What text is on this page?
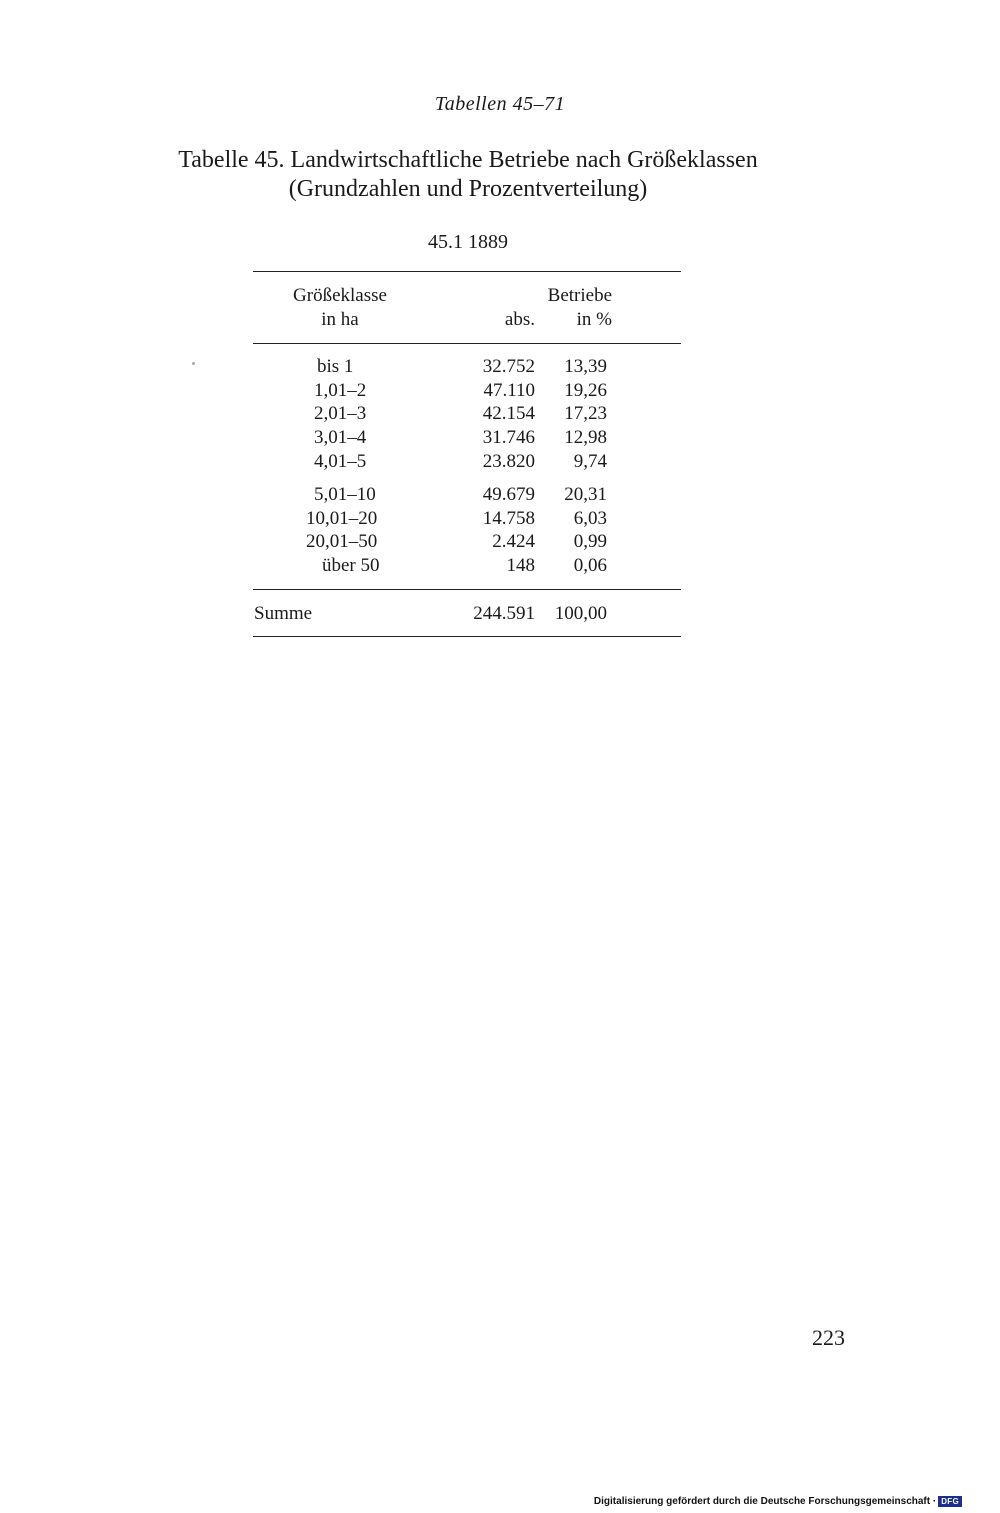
Tabellen 45–71
Tabelle 45. Landwirtschaftliche Betriebe nach Größeklassen
(Grundzahlen und Prozentverteilung)
45.1 1889
Größeklasse
in ha
Betriebe
abs.	in %
bis 1	32.752	13,39
1,01–2	47.110	19,26
2,01–3	42.154	17,23
3,01–4	31.746	12,98
4,01–5	23.820	9,74
5,01–10	49.679	20,31
10,01–20	14.758	6,03
20,01–50	2.424	0,99
über 50	148	0,06
Summe	244.591	100,00
223
Digitalisierung gefördert durch die Deutsche Forschungsgemeinschaft · DFG
